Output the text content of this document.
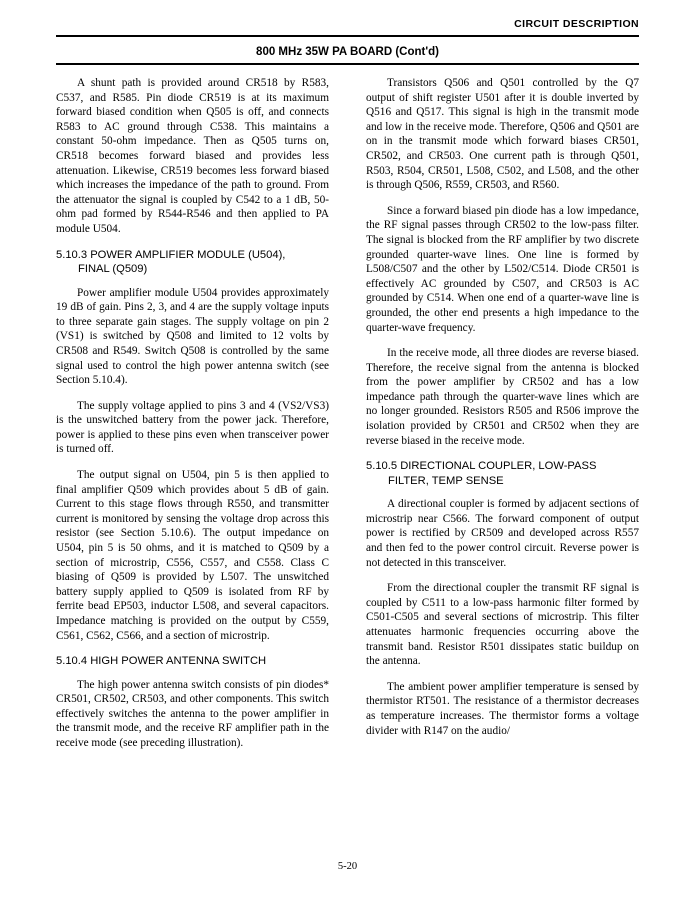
CIRCUIT DESCRIPTION
800 MHz 35W PA BOARD (Cont'd)

A shunt path is provided around CR518 by R583, C537, and R585. Pin diode CR519 is at its maximum forward biased condition when Q505 is off, and connects R583 to AC ground through C538. This maintains a constant 50-ohm impedance. Then as Q505 turns on, CR518 becomes forward biased and provides less attenuation. Likewise, CR519 becomes less forward biased which increases the impedance of the path to ground. From the attenuator the signal is coupled by C542 to a 1 dB, 50-ohm pad formed by R544-R546 and then applied to PA module U504.

5.10.3 POWER AMPLIFIER MODULE (U504),
FINAL (Q509)

Power amplifier module U504 provides approximately 19 dB of gain. Pins 2, 3, and 4 are the supply voltage inputs to three separate gain stages. The supply voltage on pin 2 (VS1) is switched by Q508 and limited to 12 volts by CR508 and R549. Switch Q508 is controlled by the same signal used to control the high power antenna switch (see Section 5.10.4).

The supply voltage applied to pins 3 and 4 (VS2/VS3) is the unswitched battery from the power jack. Therefore, power is applied to these pins even when transceiver power is turned off.

The output signal on U504, pin 5 is then applied to final amplifier Q509 which provides about 5 dB of gain. Current to this stage flows through R550, and transmitter current is monitored by sensing the voltage drop across this resistor (see Section 5.10.6). The output impedance on U504, pin 5 is 50 ohms, and it is matched to Q509 by a section of microstrip, C556, C557, and C558. Class C biasing of Q509 is provided by L507. The unswitched battery supply applied to Q509 is isolated from RF by ferrite bead EP503, inductor L508, and several capacitors. Impedance matching is provided on the output by C559, C561, C562, C566, and a section of microstrip.

5.10.4 HIGH POWER ANTENNA SWITCH

The high power antenna switch consists of pin diodes* CR501, CR502, CR503, and other components. This switch effectively switches the antenna to the power amplifier in the transmit mode, and the receive RF amplifier path in the receive mode (see preceding illustration).

Transistors Q506 and Q501 controlled by the Q7 output of shift register U501 after it is double inverted by Q516 and Q517. This signal is high in the transmit mode and low in the receive mode. Therefore, Q506 and Q501 are on in the transmit mode which forward biases CR501, CR502, and CR503. One current path is through Q501, R503, R504, CR501, L508, C502, and L508, and the other is through Q506, R559, CR503, and R560.

Since a forward biased pin diode has a low impedance, the RF signal passes through CR502 to the low-pass filter. The signal is blocked from the RF amplifier by two discrete grounded quarter-wave lines. One line is formed by L508/C507 and the other by L502/C514. Diode CR501 is effectively AC grounded by C507, and CR503 is AC grounded by C514. When one end of a quarter-wave line is grounded, the other end presents a high impedance to the quarter-wave frequency.

In the receive mode, all three diodes are reverse biased. Therefore, the receive signal from the antenna is blocked from the power amplifier by CR502 and has a low impedance path through the quarter-wave lines which are no longer grounded. Resistors R505 and R506 improve the isolation provided by CR501 and CR502 when they are reverse biased in the receive mode.

5.10.5 DIRECTIONAL COUPLER, LOW-PASS
FILTER, TEMP SENSE

A directional coupler is formed by adjacent sections of microstrip near C566. The forward component of output power is rectified by CR509 and developed across R557 and then fed to the power control circuit. Reverse power is not detected in this transceiver.

From the directional coupler the transmit RF signal is coupled by C511 to a low-pass harmonic filter formed by C501-C505 and several sections of microstrip. This filter attenuates harmonic frequencies occurring above the transmit band. Resistor R501 dissipates static buildup on the antenna.

The ambient power amplifier temperature is sensed by thermistor RT501. The resistance of a thermistor decreases as temperature increases. The thermistor forms a voltage divider with R147 on the audio/

5-20
